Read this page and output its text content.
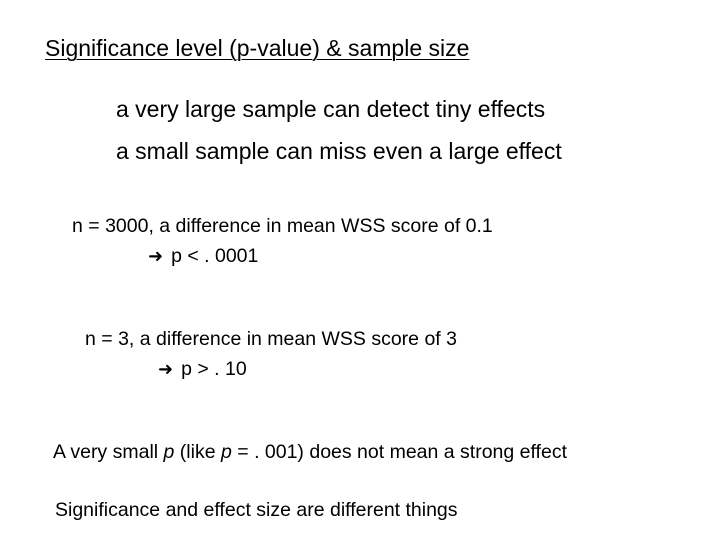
Significance level (p-value) & sample size
a very large sample can detect tiny effects
a small sample can miss even a large effect
n = 3000, a difference in mean WSS score of 0.1
➜ p < . 0001
n = 3, a difference in mean WSS score of 3
➜ p > . 10
A very small p (like p = . 001) does not mean a strong effect
Significance and effect size are different things
